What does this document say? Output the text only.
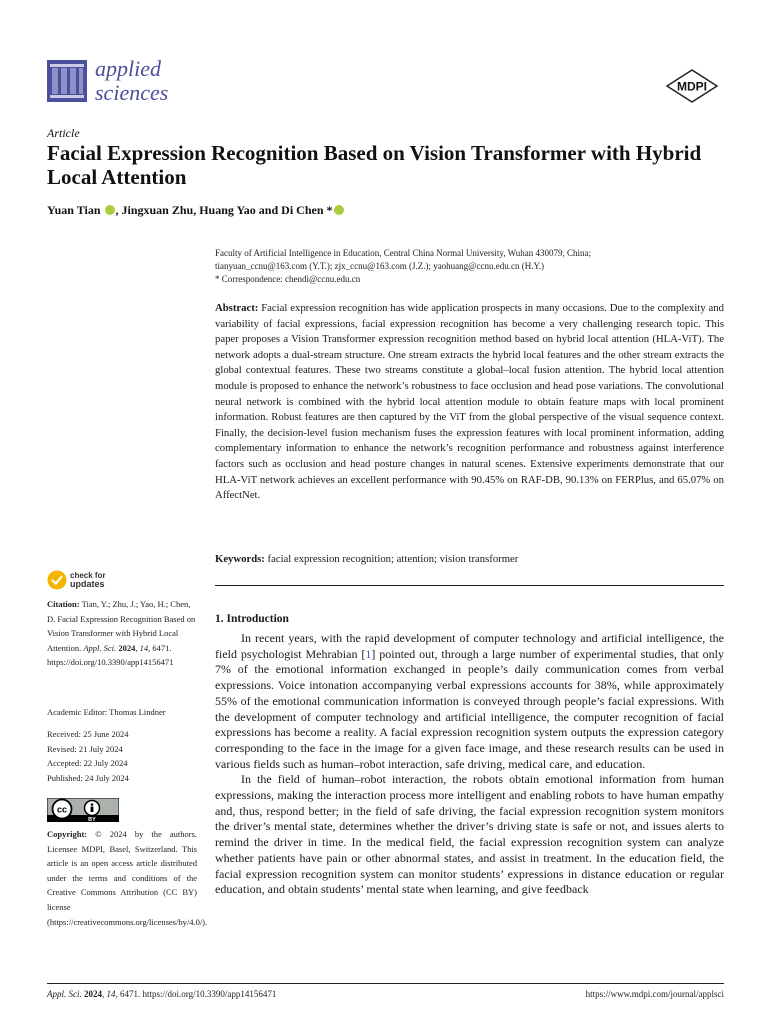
applied
sciences	MDPI
Article
Facial Expression Recognition Based on Vision Transformer with Hybrid Local Attention
Yuan Tian , Jingxuan Zhu, Huang Yao and Di Chen *
Faculty of Artificial Intelligence in Education, Central China Normal University, Wuhan 430079, China;
tianyuan_ccnu@163.com (Y.T.); zjx_ccnu@163.com (J.Z.); yaohuang@ccnu.edu.cn (H.Y.)
* Correspondence: chendi@ccnu.edu.cn
Abstract: Facial expression recognition has wide application prospects in many occasions. Due to the complexity and variability of facial expressions, facial expression recognition has become a very challenging research topic. This paper proposes a Vision Transformer expression recognition method based on hybrid local attention (HLA-ViT). The network adopts a dual-stream structure. One stream extracts the hybrid local features and the other stream extracts the global contextual features. These two streams constitute a global–local fusion attention. The hybrid local attention module is proposed to enhance the network’s robustness to face occlusion and head pose variations. The convolutional neural network is combined with the hybrid local attention module to obtain feature maps with local prominent information. Robust features are then captured by the ViT from the global perspective of the visual sequence context. Finally, the decision-level fusion mechanism fuses the expression features with local prominent information, adding complementary information to enhance the network’s recognition performance and robustness against interference factors such as occlusion and head posture changes in natural scenes. Extensive experiments demonstrate that our HLA-ViT network achieves an excellent performance with 90.45% on RAF-DB, 90.13% on FERPlus, and 65.07% on AffectNet.
Keywords: facial expression recognition; attention; vision transformer
check for
updates
Citation: Tian, Y.; Zhu, J.; Yao, H.; Chen, D. Facial Expression Recognition Based on Vision Transformer with Hybrid Local Attention. Appl. Sci. 2024, 14, 6471. https://doi.org/10.3390/app14156471
Academic Editor: Thomas Lindner
Received: 25 June 2024
Revised: 21 July 2024
Accepted: 22 July 2024
Published: 24 July 2024
cc
BY
Copyright: © 2024 by the authors. Licensee MDPI, Basel, Switzerland. This article is an open access article distributed under the terms and conditions of the Creative Commons Attribution (CC BY) license (https://creativecommons.org/licenses/by/4.0/).
1. Introduction

In recent years, with the rapid development of computer technology and artificial intelligence, the field psychologist Mehrabian [1] pointed out, through a large number of experimental studies, that only 7% of the emotional information exchanged in people’s daily communication comes from verbal expressions. Voice intonation accompanying verbal expressions accounts for 38%, while approximately 55% of the emotional communication information is conveyed through people’s facial expressions. With the development of computer technology and artificial intelligence, the computer recognition of facial expressions has become a reality. A facial expression recognition system outputs the expression category corresponding to the face in the image for a given face image, and these research results can be used in various fields such as human–robot interaction, safe driving, medical care, and education.

In the field of human–robot interaction, the robots obtain emotional information from human expressions, making the interaction process more intelligent and enabling robots to have human empathy and, thus, respond better; in the field of safe driving, the facial expression recognition system monitors the driver’s mental state, determines whether the driver’s driving state is safe or not, and issues alerts to remind the driver in time. In the medical field, the facial expression recognition system can analyze whether patients have pain or other abnormal states, and assist in treatment. In the education field, the facial expression recognition system can monitor students’ expressions in distance education or regular education, and obtain students’ mental state when learning, and give feedback

Appl. Sci. 2024, 14, 6471. https://doi.org/10.3390/app14156471	https://www.mdpi.com/journal/applsci
